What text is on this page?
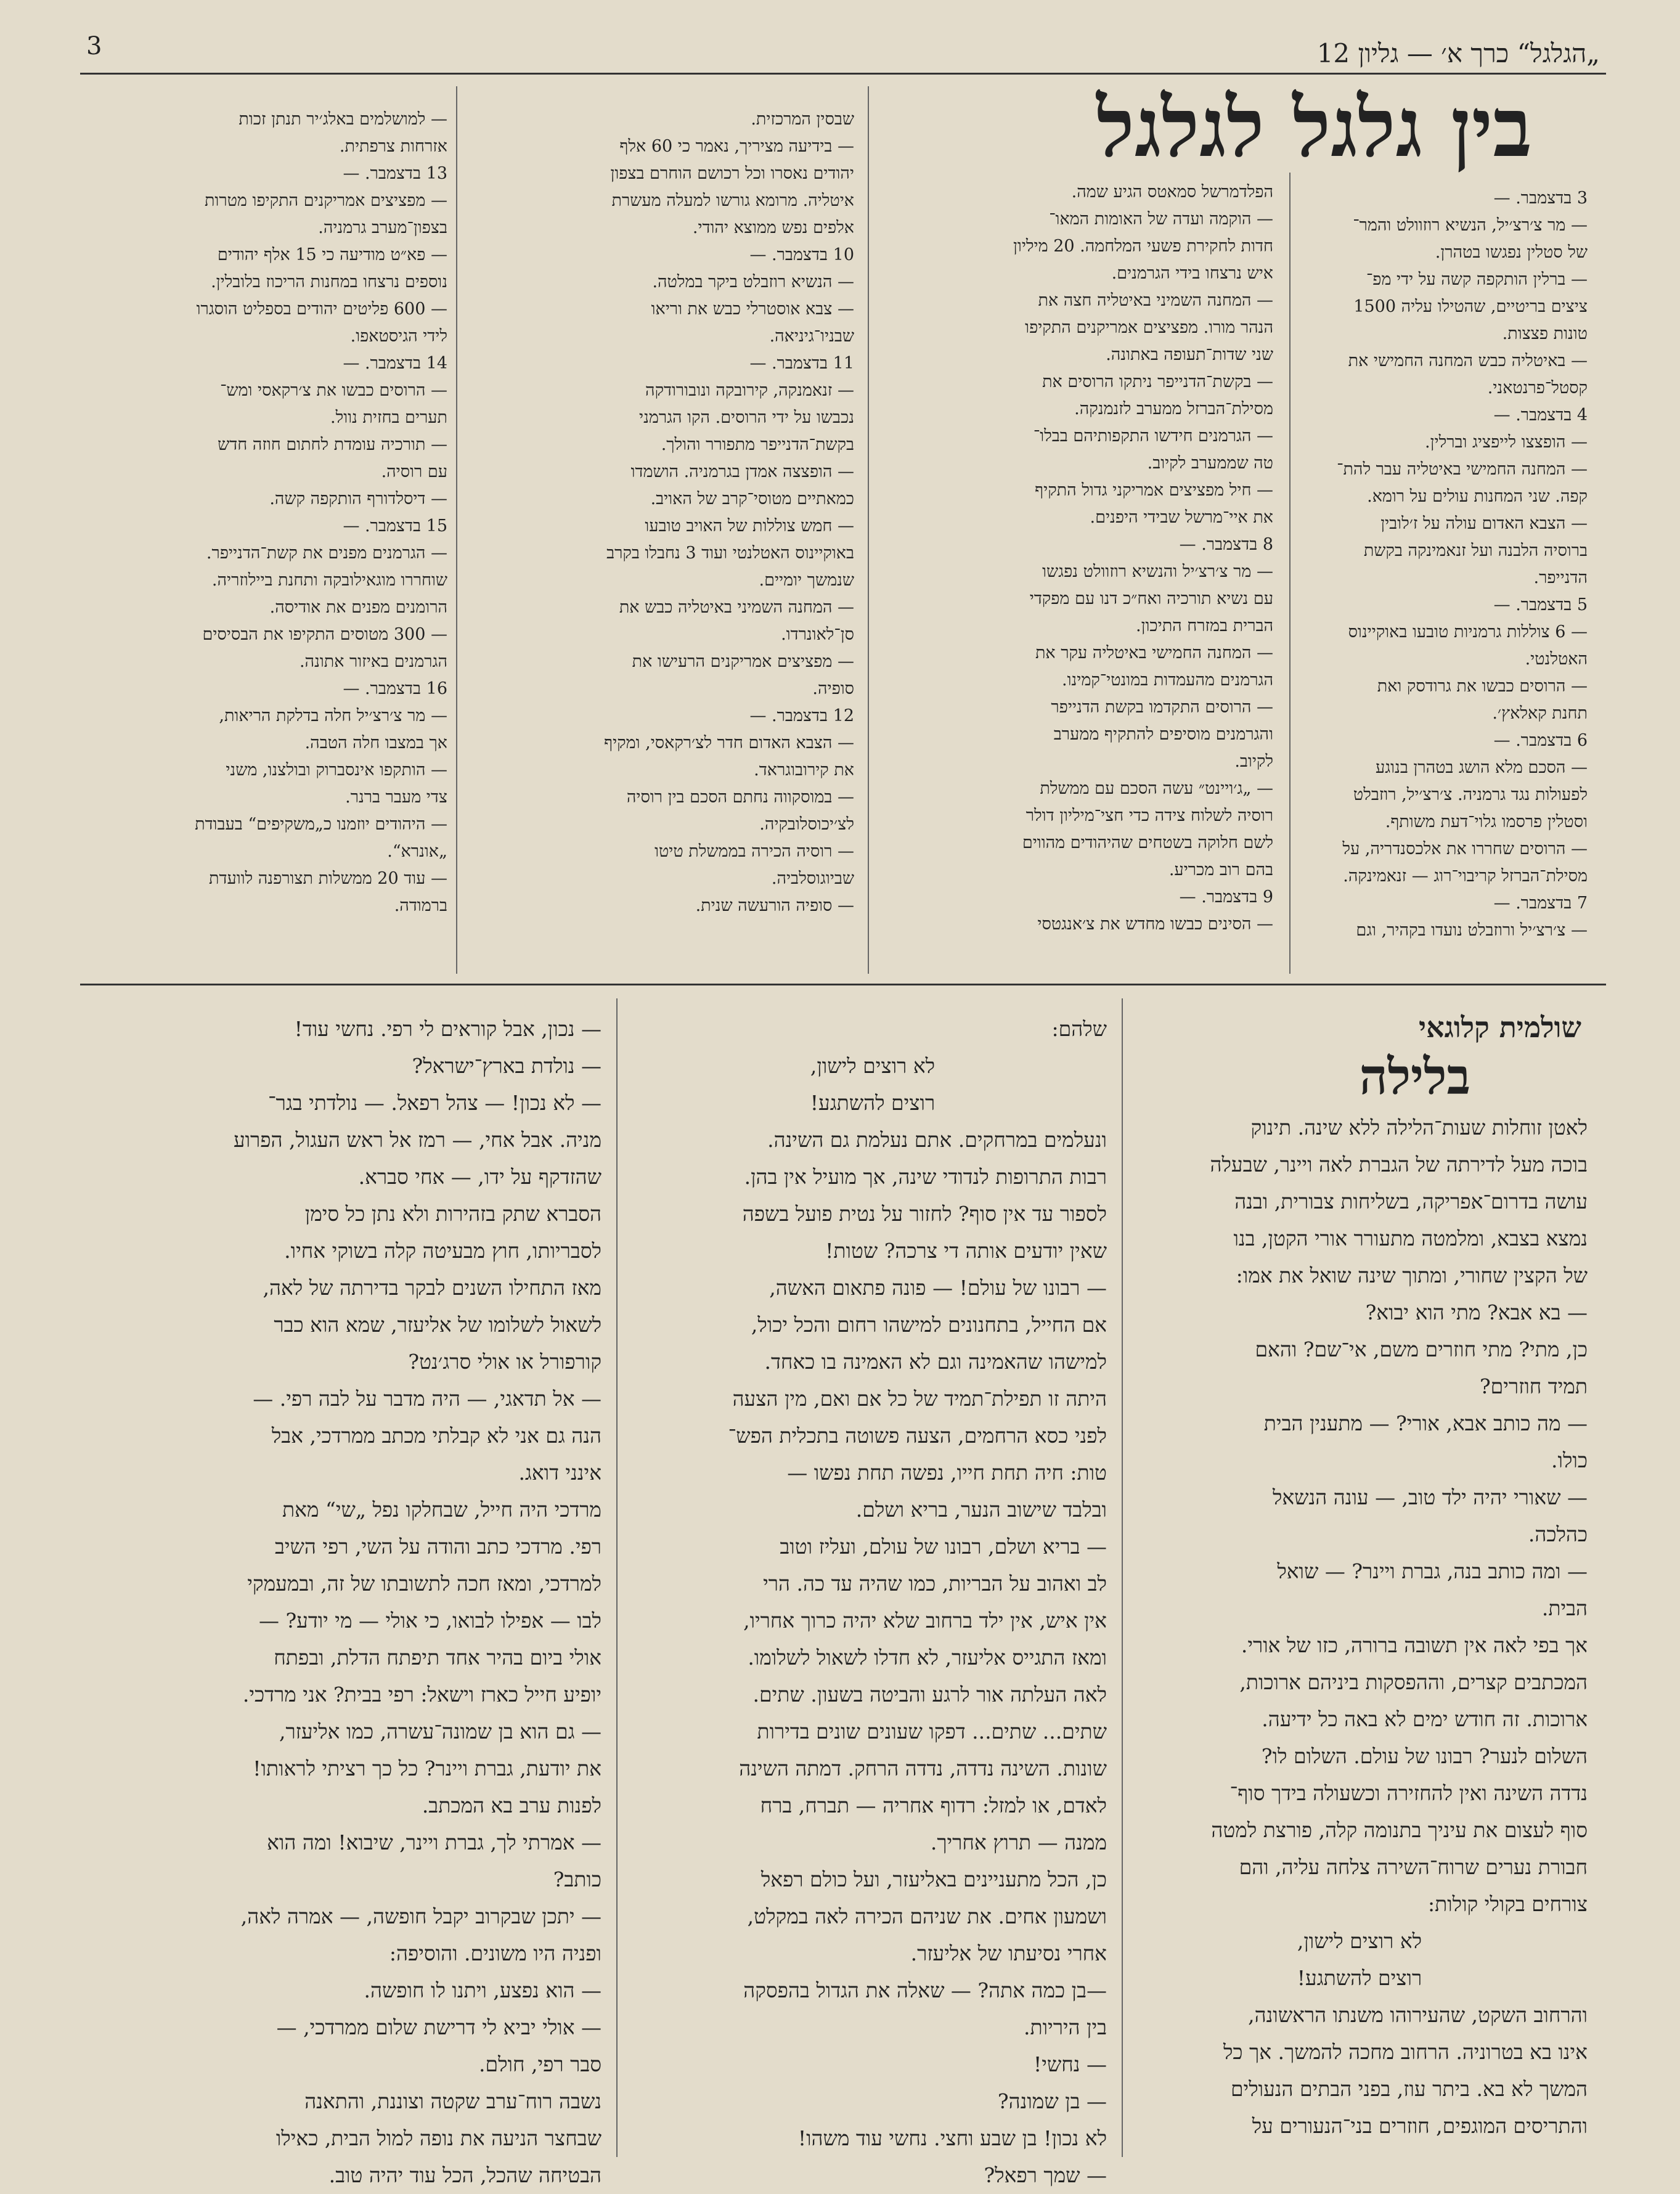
3	„הגלגל“ כרך א׳ — גליון 12
בין גלגל לגלגל

3 בדצמבר. —

— מר צ׳רצ׳יל, הנשיא רוזוולט והמר־

של סטלין נפגשו בטהרן.

— ברלין הותקפה קשה על ידי מפ־

ציצים בריטיים, שהטילו עליה 1500

טונות פצצות.

— באיטליה כבש המחנה החמישי את

קסטל־פרנטאני.

4 בדצמבר. —

— הופצצו לייפציג וברלין.

— המחנה החמישי באיטליה עבר להת־

קפה. שני המחנות עולים על רומא.

— הצבא האדום עולה על ז׳לובין

ברוסיה הלבנה ועל זנאמינקה בקשת

הדנייפר.

5 בדצמבר. —

— 6 צוללות גרמניות טובעו באוקיינוס

האטלנטי.

— הרוסים כבשו את גרודסק ואת

תחנת קאלאץ׳.

6 בדצמבר. —

— הסכם מלא הושג בטהרן בנוגע

לפעולות נגד גרמניה. צ׳רצ׳יל, רוזבלט

וסטלין פרסמו גלוי־דעת משותף.

— הרוסים שחררו את אלכסנדריה, על

מסילת־הברזל קריבוי־רוג — זנאמינקה.

7 בדצמבר. —

— צ׳רצ׳יל ורוזבלט נועדו בקהיר, וגם

הפלדמרשל סמאטס הגיע שמה.

— הוקמה ועדה של האומות המאו־

חדות לחקירת פשעי המלחמה. 20 מיליון

איש נרצחו בידי הגרמנים.

— המחנה השמיני באיטליה חצה את

הנהר מורו. מפציצים אמריקנים התקיפו

שני שדות־תעופה באתונה.

— בקשת־הדנייפר ניתקו הרוסים את

מסילת־הברזל ממערב לזנמנקה.

— הגרמנים חידשו התקפותיהם בבלו־

טה שממערב לקיוב.

— חיל מפציצים אמריקני גדול התקיף

את איי־מרשל שבידי היפנים.

8 בדצמבר. —

— מר צ׳רצ׳יל והנשיא רוזוולט נפגשו

עם נשיא תורכיה ואח״כ דנו עם מפקדי

הברית במזרח התיכון.

— המחנה החמישי באיטליה עקר את

הגרמנים מהעמדות במונטי־קמינו.

— הרוסים התקדמו בקשת הדנייפר

והגרמנים מוסיפים להתקיף ממערב

לקיוב.

— „ג׳ויינט״ עשה הסכם עם ממשלת

רוסיה לשלוח צידה כדי חצי־מיליון דולר

לשם חלוקה בשטחים שהיהודים מהווים

בהם רוב מכריע.

9 בדצמבר. —

— הסינים כבשו מחדש את צ׳אנגטסי

שבסין המרכזית.

— בידיעה מציריך, נאמר כי 60 אלף

יהודים נאסרו וכל רכושם הוחרם בצפון

איטליה. מרומא גורשו למעלה מעשרת

אלפים נפש ממוצא יהודי.

10 בדצמבר. —

— הנשיא רוזבלט ביקר במלטה.

— צבא אוסטרלי כבש את וריאו

שבניו־גיניאה.

11 בדצמבר. —

— זנאמנקה, קירובקה ונובורודקה

נכבשו על ידי הרוסים. הקו הגרמני

בקשת־הדנייפר מתפורר והולך.

— הופצצה אמדן בגרמניה. הושמדו

כמאתיים מטוסי־קרב של האויב.

— חמש צוללות של האויב טובעו

באוקיינוס האטלנטי ועוד 3 נחבלו בקרב

שנמשך יומיים.

— המחנה השמיני באיטליה כבש את

סן־לאונרדו.

— מפציצים אמריקנים הרעישו את

סופיה.

12 בדצמבר. —

— הצבא האדום חדר לצ׳רקאסי, ומקיף

את קירובוגראד.

— במוסקווה נחתם הסכם בין רוסיה

לצ׳יכוסלובקיה.

— רוסיה הכירה בממשלת טיטו

שביוגוסלביה.

— סופיה הורעשה שנית.

— למושלמים באלג׳יר תנתן זכות

אזרחות צרפתית.

13 בדצמבר. —

— מפציצים אמריקנים התקיפו מטרות

בצפון־מערב גרמניה.

— פא״ט מודיעה כי 15 אלף יהודים

נוספים נרצחו במחנות הריכוז בלובלין.

— 600 פליטים יהודים בספליט הוסגרו

לידי הגיסטאפו.

14 בדצמבר. —

— הרוסים כבשו את צ׳רקאסי ומש־

תערים בחזית נוול.

— תורכיה עומדת לחתום חוזה חדש

עם רוסיה.

— דיסלדורף הותקפה קשה.

15 בדצמבר. —

— הגרמנים מפנים את קשת־הדנייפר.

שוחררו מוגאילובקה ותחנת ביילוזריה.

הרומנים מפנים את אודיסה.

— 300 מטוסים התקיפו את הבסיסים

הגרמנים באיזור אתונה.

16 בדצמבר. —

— מר צ׳רצ׳יל חלה בדלקת הריאות,

אך במצבו חלה הטבה.

— הותקפו אינסברוק ובולצנו, משני

צדי מעבר ברנר.

— היהודים יוזמנו כ„משקיפים“ בעבודת

„אונרא“.

— עוד 20 ממשלות תצורפנה לוועדת

ברמודה.

שולמית קלוגאי
בלילה

לאטן זוחלות שעות־הלילה ללא שינה. תינוק

בוכה מעל לדירתה של הגברת לאה ויינר, שבעלה

עושה בדרום־אפריקה, בשליחות צבורית, ובנה

נמצא בצבא, ומלמטה מתעורר אורי הקטן, בנו

של הקצין שחורי, ומתוך שינה שואל את אמו:

— בא אבא? מתי הוא יבוא?

כן, מתי? מתי חוזרים משם, אי־שם? והאם

תמיד חוזרים?

— מה כותב אבא, אורי? — מתענין הבית

כולו.

— שאורי יהיה ילד טוב, — עונה הנשאל

כהלכה.

— ומה כותב בנה, גברת ויינר? — שואל

הבית.

אך בפי לאה אין תשובה ברורה, כזו של אורי.

המכתבים קצרים, וההפסקות ביניהם ארוכות,

ארוכות. זה חודש ימים לא באה כל ידיעה.

השלום לנער? רבונו של עולם. השלום לו?

נדדה השינה ואין להחזירה וכשעולה בידך סוף־

סוף לעצום את עיניך בתנומה קלה, פורצת למטה

חבורת נערים שרוח־השירה צלחה עליה, והם

צורחים בקולי קולות:

לא רוצים לישון,

רוצים להשתגע!

והרחוב השקט, שהעירוהו משנתו הראשונה,

אינו בא בטרוניה. הרחוב מחכה להמשך. אך כל

המשך לא בא. ביתר עוז, בפני הבתים הנעולים

והתריסים המוגפים, חוזרים בני־הנעורים על

שלהם:

לא רוצים לישון,

רוצים להשתגע!

ונעלמים במרחקים. אתם נעלמת גם השינה.

רבות התרופות לנדודי שינה, אך מועיל אין בהן.

לספור עד אין סוף? לחזור על נטית פועל בשפה

שאין יודעים אותה די צרכה? שטות!

— רבונו של עולם! — פונה פתאום האשה,

אם החייל, בתחנונים למישהו רחום והכל יכול,

למישהו שהאמינה וגם לא האמינה בו כאחד.

היתה זו תפילת־תמיד של כל אם ואם, מין הצעה

לפני כסא הרחמים, הצעה פשוטה בתכלית הפש־

טות: חיה תחת חייו, נפשה תחת נפשו —

ובלבד שישוב הנער, בריא ושלם.

— בריא ושלם, רבונו של עולם, ועליז וטוב

לב ואהוב על הבריות, כמו שהיה עד כה. הרי

אין איש, אין ילד ברחוב שלא יהיה כרוך אחריו,

ומאז התגייס אליעזר, לא חדלו לשאול לשלומו.

לאה העלתה אור לרגע והביטה בשעון. שתים.

שתים... שתים... דפקו שעונים שונים בדירות

שונות. השינה נדדה, נדדה הרחק. דמתה השינה

לאדם, או למזל: רדוף אחריה — תברח, ברח

ממנה — תרוץ אחריך.

כן, הכל מתעניינים באליעזר, ועל כולם רפאל

ושמעון אחים. את שניהם הכירה לאה במקלט,

אחרי נסיעתו של אליעזר.

—בן כמה אתה? — שאלה את הגדול בהפסקה

בין היריות.

— נחשי!

— בן שמונה?

לא נכון! בן שבע וחצי. נחשי עוד משהו!

— שמך רפאל?

— נכון, אבל קוראים לי רפי. נחשי עוד!

— נולדת בארץ־ישראל?

— לא נכון! — צהל רפאל. — נולדתי בגר־

מניה. אבל אחי, — רמז אל ראש העגול, הפרוע

שהזדקף על ידו, — אחי סברא.

הסברא שתק בזהירות ולא נתן כל סימן

לסבריותו, חוץ מבעיטה קלה בשוקי אחיו.

מאז התחילו השנים לבקר בדירתה של לאה,

לשאול לשלומו של אליעזר, שמא הוא כבר

קורפורל או אולי סרג׳נט?

— אל תדאגי, — היה מדבר על לבה רפי. —

הנה גם אני לא קבלתי מכתב ממרדכי, אבל

אינני דואג.

מרדכי היה חייל, שבחלקו נפל „שי“ מאת

רפי. מרדכי כתב והודה על השי, רפי השיב

למרדכי, ומאז חכה לתשובתו של זה, ובמעמקי

לבו — אפילו לבואו, כי אולי — מי יודע? —

אולי ביום בהיר אחד תיפתח הדלת, ובפתח

יופיע חייל כארז וישאל: רפי בבית? אני מרדכי.

— גם הוא בן שמונה־עשרה, כמו אליעזר,

את יודעת, גברת ויינר? כל כך רציתי לראותו!

לפנות ערב בא המכתב.

— אמרתי לך, גברת ויינר, שיבוא! ומה הוא

כותב?

— יתכן שבקרוב יקבל חופשה, — אמרה לאה,

ופניה היו משונים. והוסיפה:

— הוא נפצע, ויתנו לו חופשה.

— אולי יביא לי דרישת שלום ממרדכי, —

סבר רפי, חולם.

נשבה רוח־ערב שקטה וצוננת, והתאנה

שבחצר הניעה את נופה למול הבית, כאילו

הבטיחה שהכל, הכל עוד יהיה טוב.
